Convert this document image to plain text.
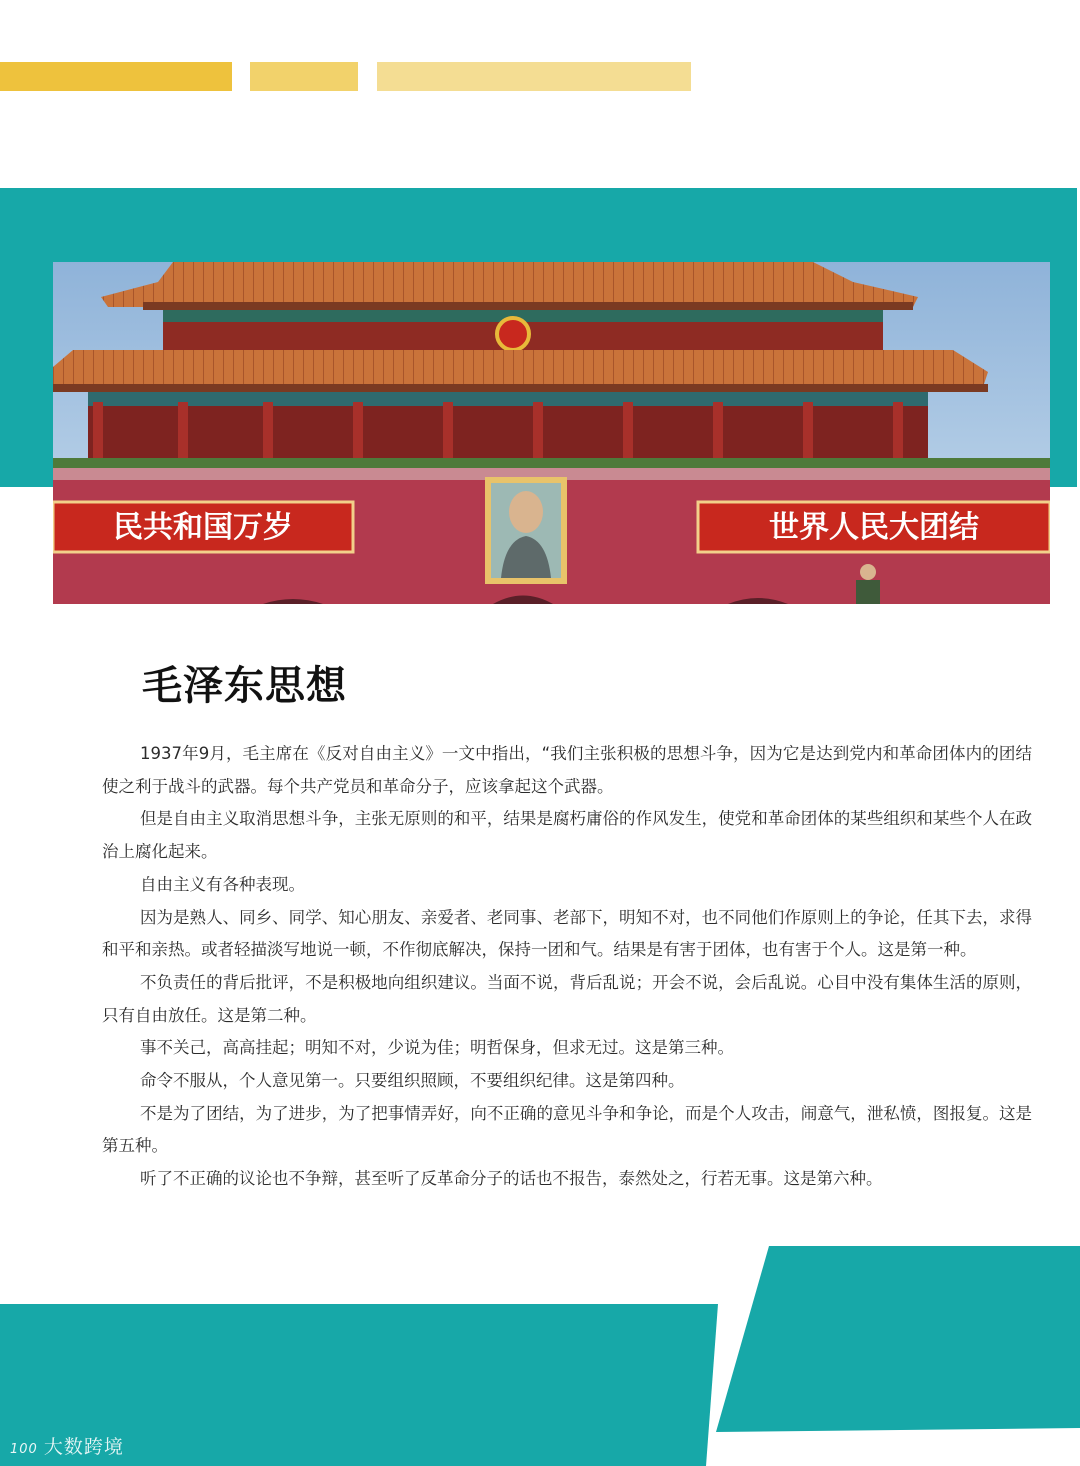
民共和国万岁	世界人民大团结
毛泽东思想

1937年9月，毛主席在《反对自由主义》一文中指出，“我们主张积极的思想斗争，因为它是达到党内和革命团体内的团结使之利于战斗的武器。每个共产党员和革命分子，应该拿起这个武器。

但是自由主义取消思想斗争，主张无原则的和平，结果是腐朽庸俗的作风发生，使党和革命团体的某些组织和某些个人在政治上腐化起来。

自由主义有各种表现。

因为是熟人、同乡、同学、知心朋友、亲爱者、老同事、老部下，明知不对，也不同他们作原则上的争论，任其下去，求得和平和亲热。或者轻描淡写地说一顿，不作彻底解决，保持一团和气。结果是有害于团体，也有害于个人。这是第一种。

不负责任的背后批评，不是积极地向组织建议。当面不说，背后乱说；开会不说，会后乱说。心目中没有集体生活的原则，只有自由放任。这是第二种。

事不关己，高高挂起；明知不对，少说为佳；明哲保身，但求无过。这是第三种。

命令不服从，个人意见第一。只要组织照顾，不要组织纪律。这是第四种。

不是为了团结，为了进步，为了把事情弄好，向不正确的意见斗争和争论，而是个人攻击，闹意气，泄私愤，图报复。这是第五种。

听了不正确的议论也不争辩，甚至听了反革命分子的话也不报告，泰然处之，行若无事。这是第六种。

100 大数跨境
